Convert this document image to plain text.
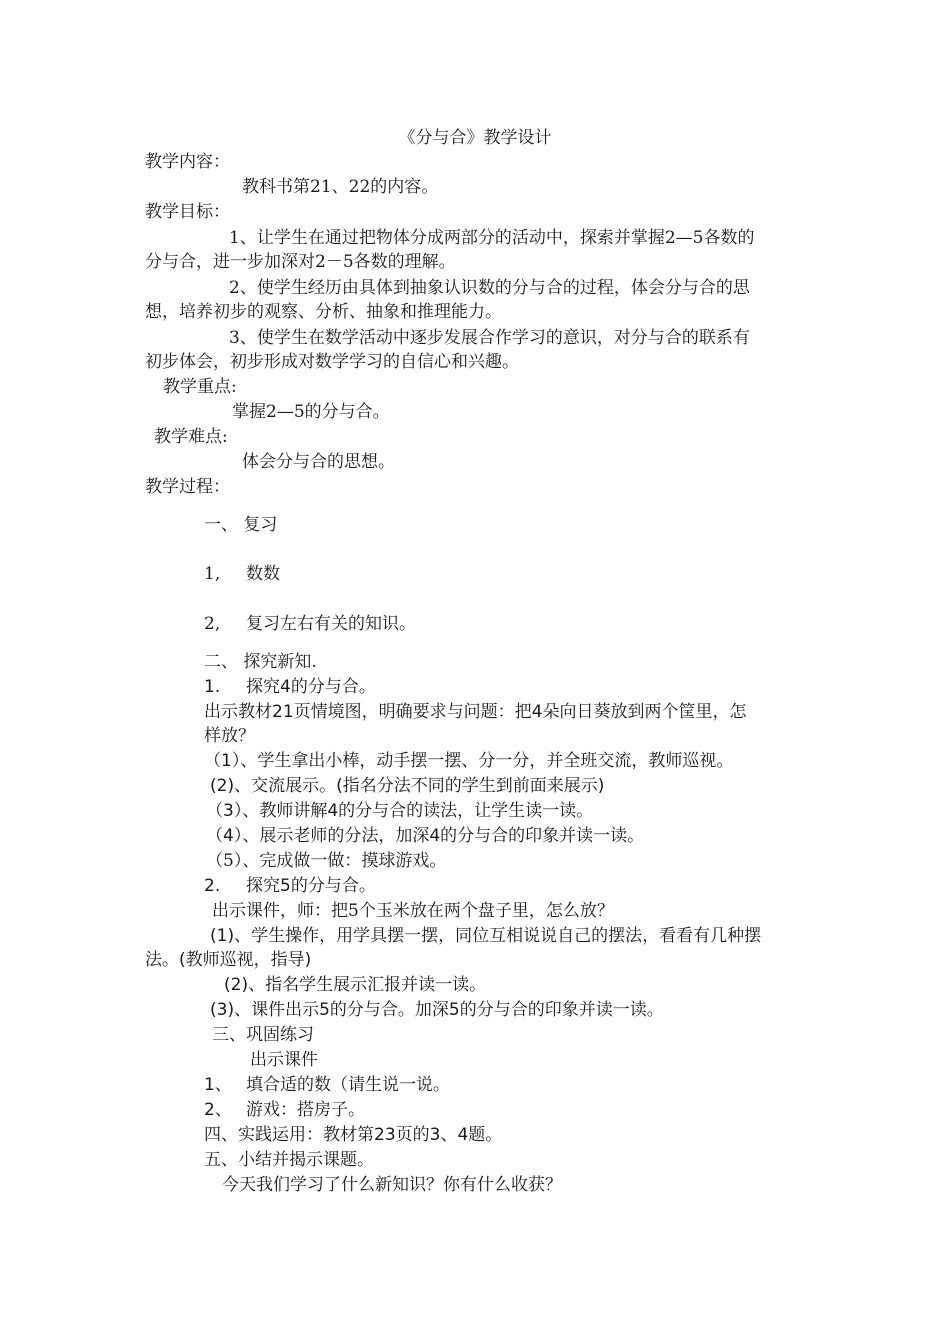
《分与合》教学设计
教学内容：
教科书第21、22的内容。
教学目标：
1、让学生在通过把物体分成两部分的活动中，探索并掌握2—5各数的
分与合，进一步加深对2－5各数的理解。
2、使学生经历由具体到抽象认识数的分与合的过程，体会分与合的思
想，培养初步的观察、分析、抽象和推理能力。
3、使学生在数学活动中逐步发展合作学习的意识，对分与合的联系有
初步体会，初步形成对数学学习的自信心和兴趣。
教学重点:
掌握2—5的分与合。
教学难点:
体会分与合的思想。
教学过程：
一、 复习
1, 数数
2, 复习左右有关的知识。
二、 探究新知.
1. 探究4的分与合。
出示教材21页情境图，明确要求与问题：把4朵向日葵放到两个筐里，怎
样放？
（1）、学生拿出小棒，动手摆一摆、分一分，并全班交流，教师巡视。
(2)、交流展示。(指名分法不同的学生到前面来展示)
（3）、教师讲解4的分与合的读法，让学生读一读。
（4）、展示老师的分法，加深4的分与合的印象并读一读。
（5）、完成做一做：摸球游戏。
2. 探究5的分与合。
出示课件，师：把5个玉米放在两个盘子里，怎么放？
(1)、学生操作，用学具摆一摆，同位互相说说自己的摆法，看看有几种摆
法。(教师巡视，指导)
(2)、指名学生展示汇报并读一读。
(3)、课件出示5的分与合。加深5的分与合的印象并读一读。
三、巩固练习
出示课件
1、 填合适的数（请生说一说。
2、 游戏：搭房子。
四、实践运用：教材第23页的3、4题。
五、小结并揭示课题。
今天我们学习了什么新知识？你有什么收获？
